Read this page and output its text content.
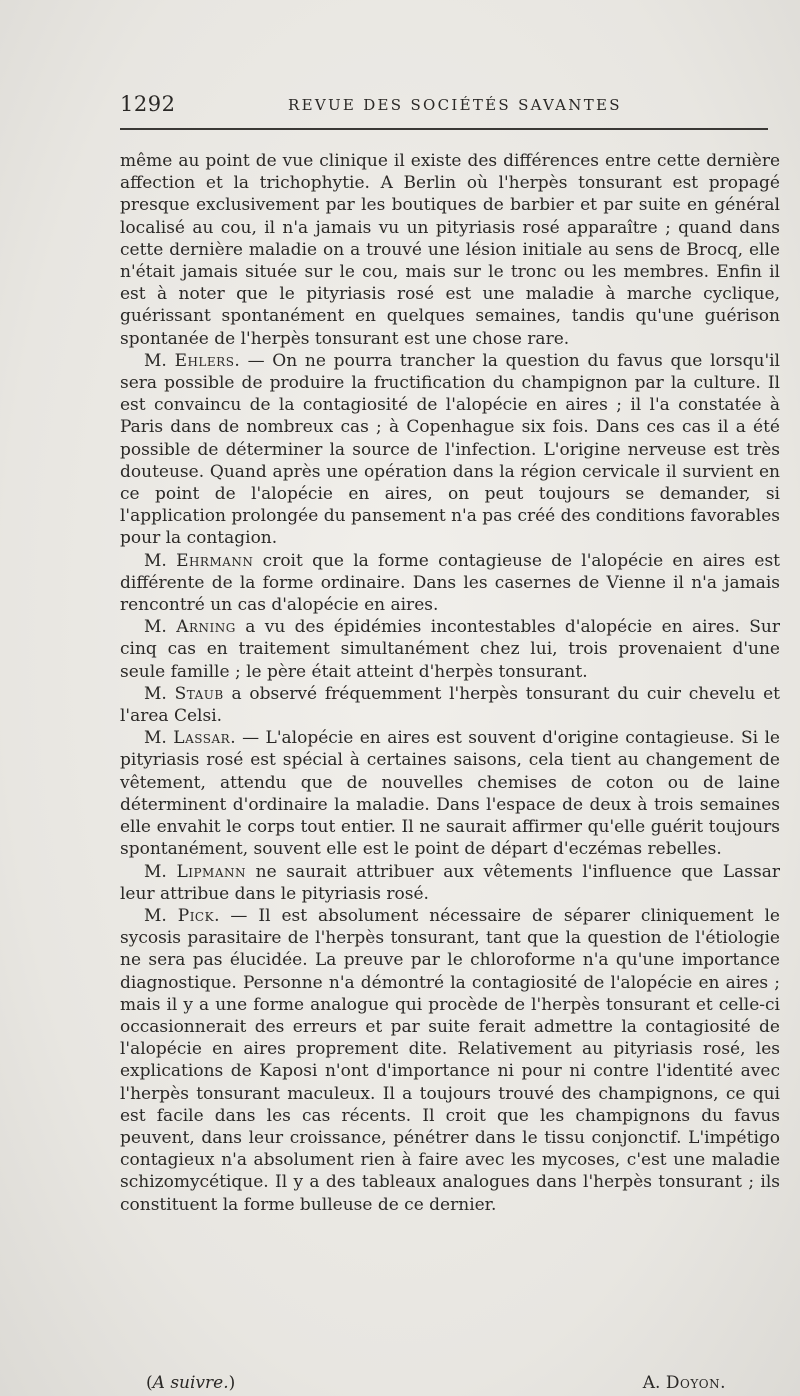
1292	REVUE DES SOCIÉTÉS SAVANTES

même au point de vue clinique il existe des différences entre cette dernière affection et la trichophytie. A Berlin où l'herpès tonsurant est propagé presque exclusivement par les boutiques de barbier et par suite en général localisé au cou, il n'a jamais vu un pityriasis rosé apparaître ; quand dans cette dernière maladie on a trouvé une lésion initiale au sens de Brocq, elle n'était jamais située sur le cou, mais sur le tronc ou les membres. Enfin il est à noter que le pityriasis rosé est une maladie à marche cyclique, guérissant spontanément en quelques semaines, tandis qu'une guérison spontanée de l'herpès tonsurant est une chose rare.

M. Ehlers. — On ne pourra trancher la question du favus que lorsqu'il sera possible de produire la fructification du champignon par la culture. Il est convaincu de la contagiosité de l'alopécie en aires ; il l'a constatée à Paris dans de nombreux cas ; à Copenhague six fois. Dans ces cas il a été possible de déterminer la source de l'infection. L'origine nerveuse est très douteuse. Quand après une opération dans la région cervicale il survient en ce point de l'alopécie en aires, on peut toujours se demander, si l'application prolongée du pansement n'a pas créé des conditions favorables pour la contagion.

M. Ehrmann croit que la forme contagieuse de l'alopécie en aires est différente de la forme ordinaire. Dans les casernes de Vienne il n'a jamais rencontré un cas d'alopécie en aires.

M. Arning a vu des épidémies incontestables d'alopécie en aires. Sur cinq cas en traitement simultanément chez lui, trois provenaient d'une seule famille ; le père était atteint d'herpès tonsurant.

M. Staub a observé fréquemment l'herpès tonsurant du cuir chevelu et l'area Celsi.

M. Lassar. — L'alopécie en aires est souvent d'origine contagieuse. Si le pityriasis rosé est spécial à certaines saisons, cela tient au changement de vêtement, attendu que de nouvelles chemises de coton ou de laine déterminent d'ordinaire la maladie. Dans l'espace de deux à trois semaines elle envahit le corps tout entier. Il ne saurait affirmer qu'elle guérit toujours spontanément, souvent elle est le point de départ d'eczémas rebelles.

M. Lipmann ne saurait attribuer aux vêtements l'influence que Lassar leur attribue dans le pityriasis rosé.

M. Pick. — Il est absolument nécessaire de séparer cliniquement le sycosis parasitaire de l'herpès tonsurant, tant que la question de l'étiologie ne sera pas élucidée. La preuve par le chloroforme n'a qu'une importance diagnostique. Personne n'a démontré la contagiosité de l'alopécie en aires ; mais il y a une forme analogue qui procède de l'herpès tonsurant et celle-ci occasionnerait des erreurs et par suite ferait admettre la contagiosité de l'alopécie en aires proprement dite. Relativement au pityriasis rosé, les explications de Kaposi n'ont d'importance ni pour ni contre l'identité avec l'herpès tonsurant maculeux. Il a toujours trouvé des champignons, ce qui est facile dans les cas récents. Il croit que les champignons du favus peuvent, dans leur croissance, pénétrer dans le tissu conjonctif. L'impétigo contagieux n'a absolument rien à faire avec les mycoses, c'est une maladie schizomycétique. Il y a des tableaux analogues dans l'herpès tonsurant ; ils constituent la forme bulleuse de ce dernier.

(A suivre.)	A. Doyon.
